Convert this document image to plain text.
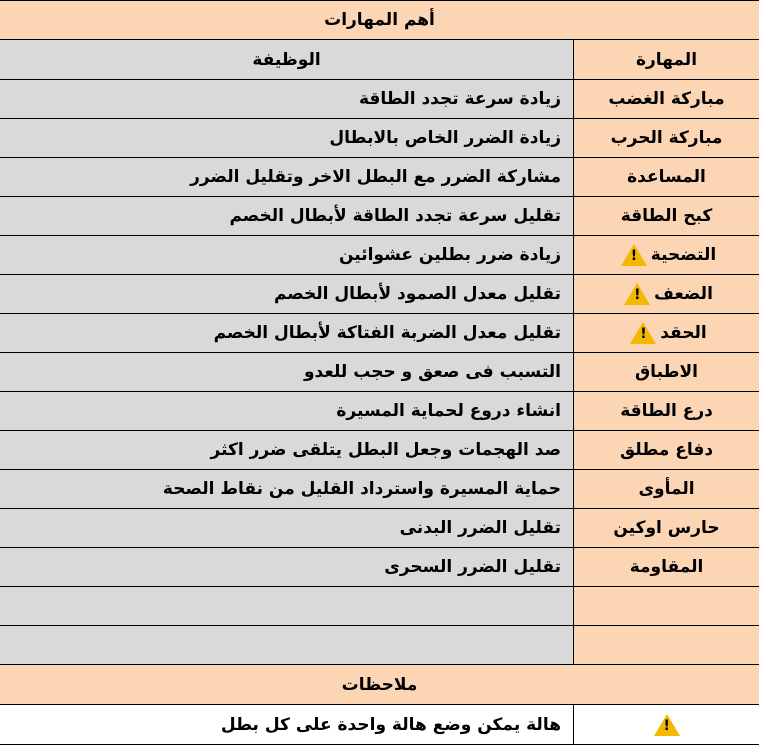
أهم المهارات
المهارة
الوظيفة
مباركة الغضب
زيادة سرعة تجدد الطاقة
مباركة الحرب
زيادة الضرر الخاص بالابطال
المساعدة
مشاركة الضرر مع البطل الاخر وتقليل الضرر
كبح الطاقة
تقليل سرعة تجدد الطاقة لأبطال الخصم
التضحية
!
زيادة ضرر بطلين عشوائين
الضعف
!
تقليل معدل الصمود لأبطال الخصم
الحقد
!
تقليل معدل الضربة الفتاكة لأبطال الخصم
الاطباق
التسبب فى صعق و حجب للعدو
درع الطاقة
انشاء دروع لحماية المسيرة
دفاع مطلق
صد الهجمات وجعل البطل يتلقى ضرر اكثر
المأوى
حماية المسيرة واسترداد القليل من نقاط الصحة
حارس اوكين
تقليل الضرر البدنى
المقاومة
تقليل الضرر السحرى
ملاحظات
!
هالة يمكن وضع هالة واحدة على كل بطل
